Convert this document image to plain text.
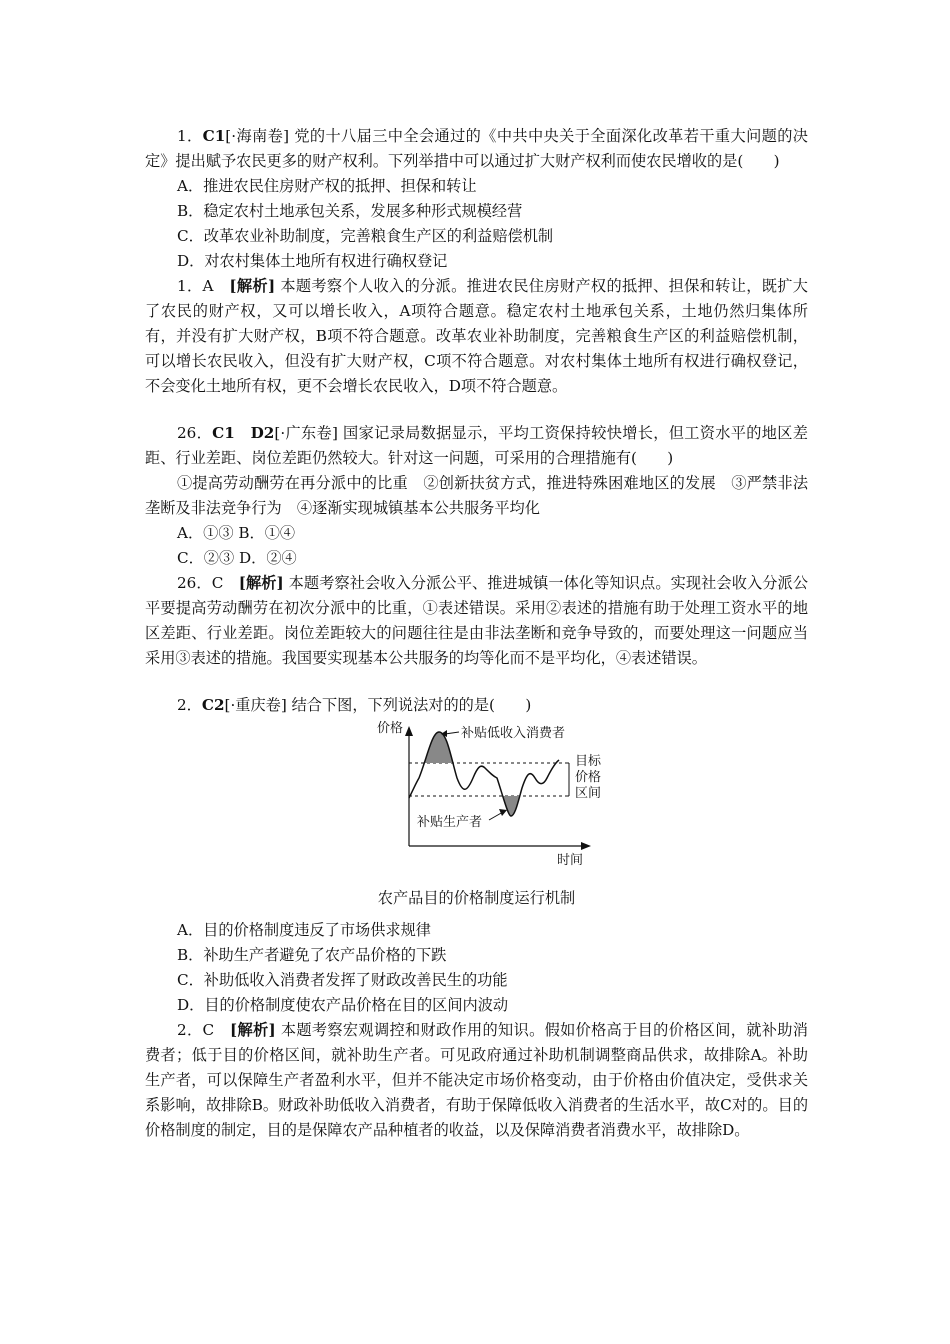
1．C1[·海南卷] 党的十八届三中全会通过的《中共中央关于全面深化改革若干重大问题的决定》提出赋予农民更多的财产权利。下列举措中可以通过扩大财产权利而使农民增收的是(　　)

A．推进农民住房财产权的抵押、担保和转让

B．稳定农村土地承包关系，发展多种形式规模经营

C．改革农业补助制度，完善粮食生产区的利益赔偿机制

D．对农村集体土地所有权进行确权登记

1．A　[解析] 本题考察个人收入的分派。推进农民住房财产权的抵押、担保和转让，既扩大了农民的财产权，又可以增长收入，A项符合题意。稳定农村土地承包关系，土地仍然归集体所有，并没有扩大财产权，B项不符合题意。改革农业补助制度，完善粮食生产区的利益赔偿机制，可以增长农民收入，但没有扩大财产权，C项不符合题意。对农村集体土地所有权进行确权登记，不会变化土地所有权，更不会增长农民收入，D项不符合题意。

26．C1　D2[·广东卷] 国家记录局数据显示，平均工资保持较快增长，但工资水平的地区差距、行业差距、岗位差距仍然较大。针对这一问题，可采用的合理措施有(　　)

①提高劳动酬劳在再分派中的比重　②创新扶贫方式，推进特殊困难地区的发展　③严禁非法垄断及非法竞争行为　④逐渐实现城镇基本公共服务平均化

A．①③ B．①④

C．②③ D．②④

26．C　[解析] 本题考察社会收入分派公平、推进城镇一体化等知识点。实现社会收入分派公平要提高劳动酬劳在初次分派中的比重，①表述错误。采用②表述的措施有助于处理工资水平的地区差距、行业差距。岗位差距较大的问题往往是由非法垄断和竞争导致的，而要处理这一问题应当采用③表述的措施。我国要实现基本公共服务的均等化而不是平均化，④表述错误。

2．C2[·重庆卷] 结合下图，下列说法对的的是(　　)

价格
时间
补贴低收入消费者
补贴生产者
目标
价格
区间

农产品目的价格制度运行机制

A．目的价格制度违反了市场供求规律

B．补助生产者避免了农产品价格的下跌

C．补助低收入消费者发挥了财政改善民生的功能

D．目的价格制度使农产品价格在目的区间内波动

2．C　[解析] 本题考察宏观调控和财政作用的知识。假如价格高于目的价格区间，就补助消费者；低于目的价格区间，就补助生产者。可见政府通过补助机制调整商品供求，故排除A。补助生产者，可以保障生产者盈利水平，但并不能决定市场价格变动，由于价格由价值决定，受供求关系影响，故排除B。财政补助低收入消费者，有助于保障低收入消费者的生活水平，故C对的。目的价格制度的制定，目的是保障农产品种植者的收益，以及保障消费者消费水平，故排除D。
